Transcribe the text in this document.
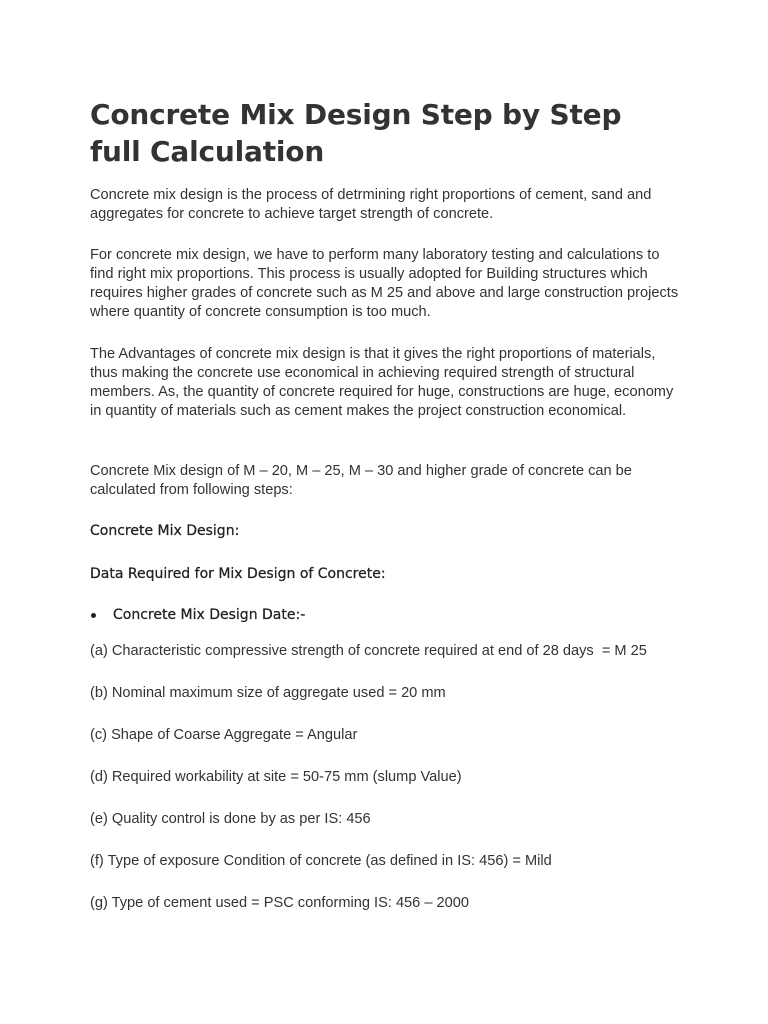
Concrete Mix Design Step by Step full Calculation

Concrete mix design is the process of detrmining right proportions of cement, sand and aggregates for concrete to achieve target strength of concrete.

For concrete mix design, we have to perform many laboratory testing and calculations to find right mix proportions. This process is usually adopted for Building structures which requires higher grades of concrete such as M 25 and above and large construction projects where quantity of concrete consumption is too much.

The Advantages of concrete mix design is that it gives the right proportions of materials, thus making the concrete use economical in achieving required strength of structural members. As, the quantity of concrete required for huge, constructions are huge, economy in quantity of materials such as cement makes the project construction economical.

Concrete Mix design of M – 20, M – 25, M – 30 and higher grade of concrete can be calculated from following steps:

Concrete Mix Design:

Data Required for Mix Design of Concrete:

Concrete Mix Design Date:-

(a) Characteristic compressive strength of concrete required at end of 28 days  = M 25

(b) Nominal maximum size of aggregate used = 20 mm

(c) Shape of Coarse Aggregate = Angular

(d) Required workability at site = 50-75 mm (slump Value)

(e) Quality control is done by as per IS: 456

(f) Type of exposure Condition of concrete (as defined in IS: 456) = Mild

(g) Type of cement used = PSC conforming IS: 456 – 2000
